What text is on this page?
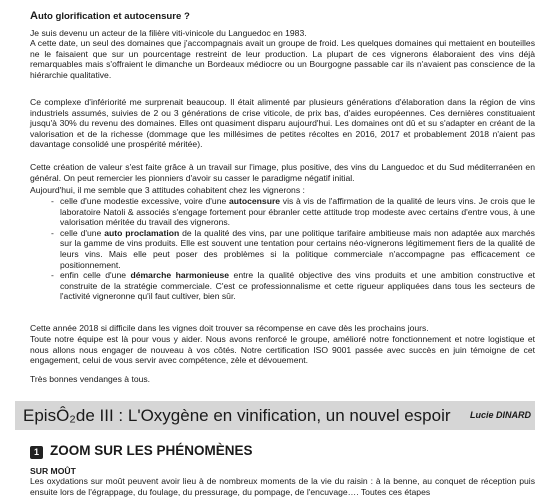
Auto glorification et autocensure ?

Je suis devenu un acteur de la filière viti-vinicole du Languedoc en 1983.

A cette date, un seul des domaines que j'accompagnais avait un groupe de froid. Les quelques domaines qui mettaient en bouteilles ne le faisaient que sur un pourcentage restreint de leur production. La plupart de ces vignerons élaboraient des vins déjà remarquables mais s'offraient le dimanche un Bordeaux médiocre ou un Bourgogne passable car ils n'avaient pas conscience de la hiérarchie qualitative.

Ce complexe d'infériorité me surprenait beaucoup. Il était alimenté par plusieurs générations d'élaboration dans la région de vins industriels assumés, suivies de 2 ou 3 générations de crise viticole, de prix bas, d'aides européennes. Ces dernières constituaient jusqu'à 30% du revenu des domaines. Elles ont quasiment disparu aujourd'hui. Les domaines ont dû et su s'adapter en créant de la valorisation et de la richesse (dommage que les millésimes de petites récoltes en 2016, 2017 et probablement 2018 n'aient pas davantage consolidé une prospérité méritée).

Cette création de valeur s'est faite grâce à un travail sur l'image, plus positive, des vins du Languedoc et du Sud méditerranéen en général. On peut remercier les pionniers d'avoir su casser le paradigme négatif initial.

Aujourd'hui, il me semble que 3 attitudes cohabitent chez les vignerons :

- celle d'une modestie excessive, voire d'une autocensure vis à vis de l'affirmation de la qualité de leurs vins. Je crois que le laboratoire Natoli & associés s'engage fortement pour ébranler cette attitude trop modeste avec certains d'entre vous, à une valorisation méritée du travail des vignerons.
- celle d'une auto proclamation de la qualité des vins, par une politique tarifaire ambitieuse mais non adaptée aux marchés sur la gamme de vins produits. Elle est souvent une tentation pour certains néo-vignerons légitimement fiers de la qualité de leurs vins. Mais elle peut poser des problèmes si la politique commerciale n'accompagne pas efficacement ce positionnement.
- enfin celle d'une démarche harmonieuse entre la qualité objective des vins produits et une ambition constructive et construite de la stratégie commerciale. C'est ce professionnalisme et cette rigueur appliquées dans tous les secteurs de l'activité vigneronne qu'il faut cultiver, bien sûr.

Cette année 2018 si difficile dans les vignes doit trouver sa récompense en cave dès les prochains jours.

Toute notre équipe est là pour vous y aider. Nous avons renforcé le groupe, amélioré notre fonctionnement et notre logistique et nous allons nous engager de nouveau à vos côtés. Notre certification ISO 9001 passée avec succès en juin témoigne de cet engagement, celui de vous servir avec compétence, zèle et dévouement.

Très bonnes vendanges à tous.

EpisÔ₂de III : L'Oxygène en vinification, un nouvel espoir Lucie DINARD
1 ZOOM SUR LES PHÉNOMÈNES
SUR MOÛT

Les oxydations sur moût peuvent avoir lieu à de nombreux moments de la vie du raisin : à la benne, au conquet de réception puis ensuite lors de l'égrappage, du foulage, du pressurage, du pompage, de l'encuvage…. Toutes ces étapes
